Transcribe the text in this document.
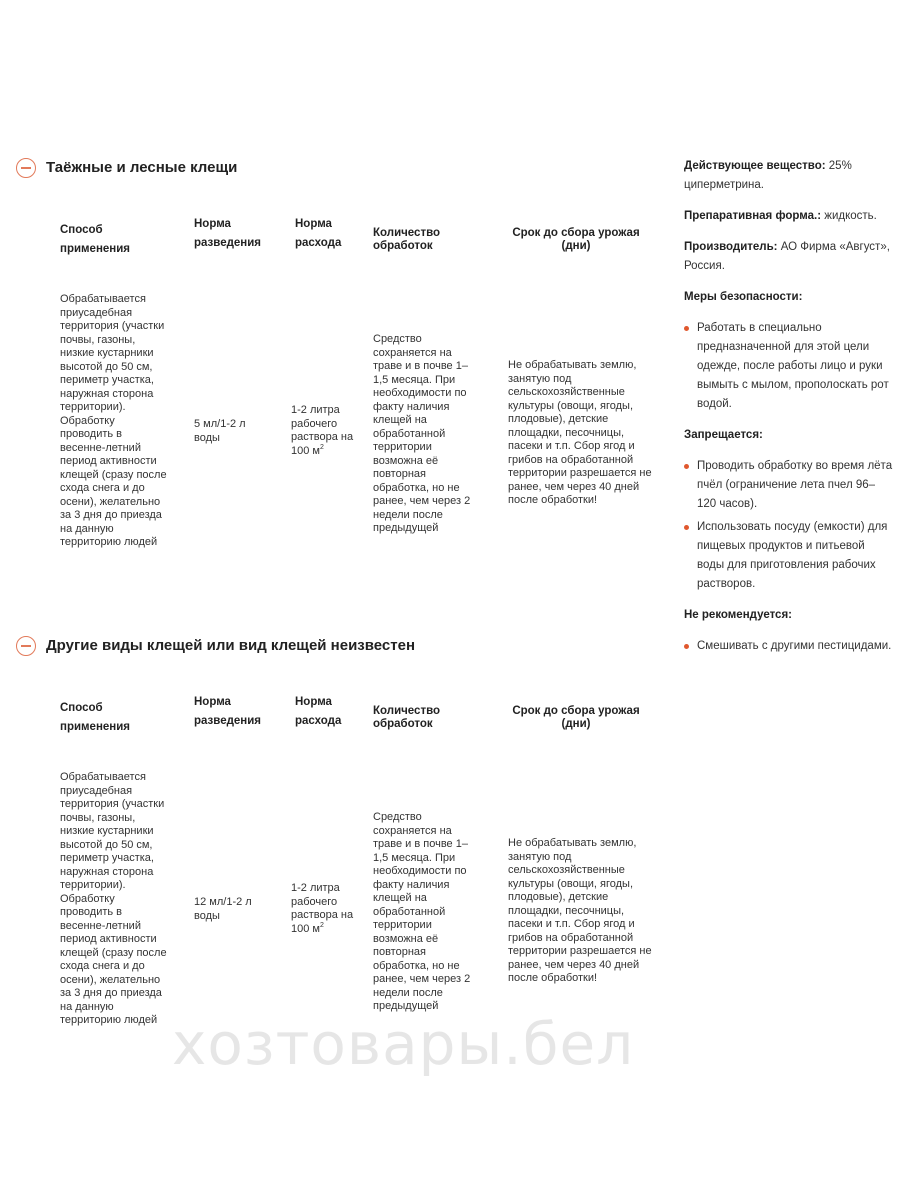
Таёжные и лесные клещи
Способ применения
Норма разведения
Норма расхода
Количество обработок
Срок до сбора урожая (дни)
Обрабатывается приусадебная территория (участки почвы, газоны, низкие кустарники высотой до 50 см, периметр участка, наружная сторона территории). Обработку проводить в весенне-летний период активности клещей (сразу после схода снега и до осени), желательно за 3 дня до приезда на данную территорию людей
5 мл/1-2 л воды
1-2 литра рабочего раствора на 100 $м^2$
Средство сохраняется на траве и в почве 1–1,5 месяца. При необходимости по факту наличия клещей на обработанной территории возможна её повторная обработка, но не ранее, чем через 2 недели после предыдущей
Не обрабатывать землю, занятую под сельскохозяйственные культуры (овощи, ягоды, плодовые), детские площадки, песочницы, пасеки и т.п. Сбор ягод и грибов на обработанной территории разрешается не ранее, чем через 40 дней после обработки!
Другие виды клещей или вид клещей неизвестен
Способ применения
Норма разведения
Норма расхода
Количество обработок
Срок до сбора урожая (дни)
Обрабатывается приусадебная территория (участки почвы, газоны, низкие кустарники высотой до 50 см, периметр участка, наружная сторона территории). Обработку проводить в весенне-летний период активности клещей (сразу после схода снега и до осени), желательно за 3 дня до приезда на данную территорию людей
12 мл/1-2 л воды
1-2 литра рабочего раствора на 100 $м^2$
Средство сохраняется на траве и в почве 1–1,5 месяца. При необходимости по факту наличия клещей на обработанной территории возможна её повторная обработка, но не ранее, чем через 2 недели после предыдущей
Не обрабатывать землю, занятую под сельскохозяйственные культуры (овощи, ягоды, плодовые), детские площадки, песочницы, пасеки и т.п. Сбор ягод и грибов на обработанной территории разрешается не ранее, чем через 40 дней после обработки!
Действующее вещество: 25% циперметрина.
Препаративная форма.: жидкость.
Производитель: АО Фирма «Август», Россия.
Меры безопасности:
Работать в специально предназначенной для этой цели одежде, после работы лицо и руки вымыть с мылом, прополоскать рот водой.
Запрещается:
Проводить обработку во время лёта пчёл (ограничение лета пчел 96–120 часов).
Использовать посуду (емкости) для пищевых продуктов и питьевой воды для приготовления рабочих растворов.
Не рекомендуется:
Смешивать с другими пестицидами.
хозтовары.бел
